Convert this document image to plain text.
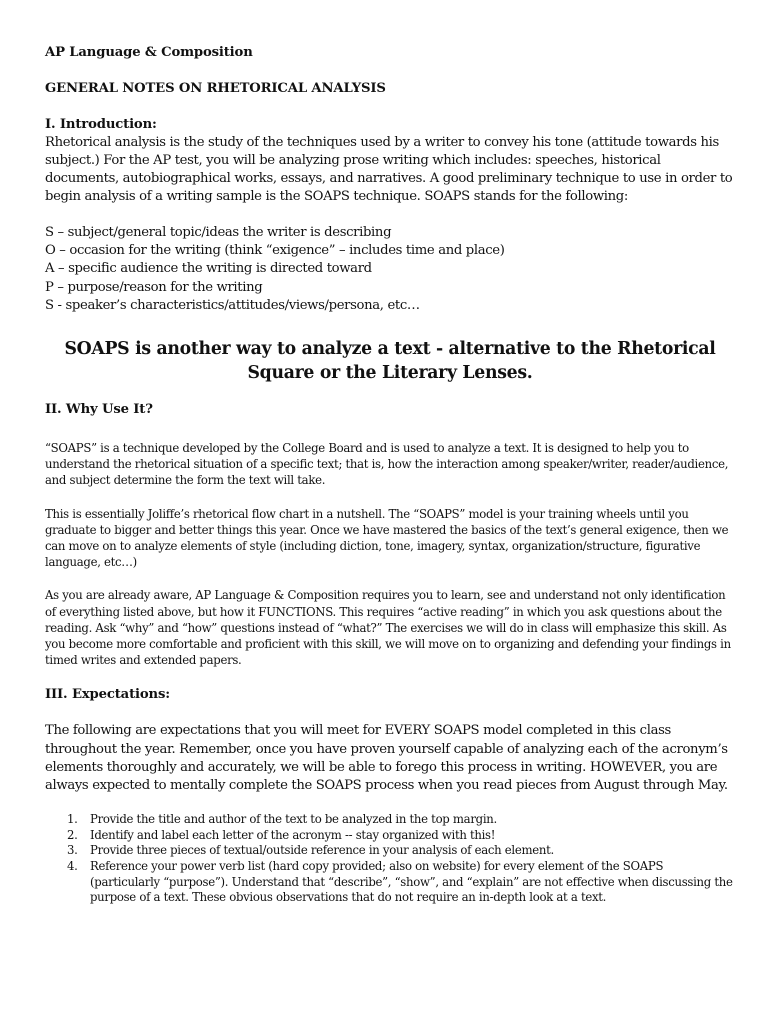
AP Language & Composition

GENERAL NOTES ON RHETORICAL ANALYSIS

I. Introduction:

Rhetorical analysis is the study of the techniques used by a writer to convey his tone (attitude towards his subject.) For the AP test, you will be analyzing prose writing which includes: speeches, historical documents, autobiographical works, essays, and narratives. A good preliminary technique to use in order to begin analysis of a writing sample is the SOAPS technique. SOAPS stands for the following:

S – subject/general topic/ideas the writer is describing
O – occasion for the writing (think “exigence” – includes time and place)
A – specific audience the writing is directed toward
P – purpose/reason for the writing
S - speaker’s characteristics/attitudes/views/persona, etc…

SOAPS is another way to analyze a text - alternative to the Rhetorical Square or the Literary Lenses.

II. Why Use It?

“SOAPS” is a technique developed by the College Board and is used to analyze a text. It is designed to help you to understand the rhetorical situation of a specific text; that is, how the interaction among speaker/writer, reader/audience, and subject determine the form the text will take.

This is essentially Joliffe’s rhetorical flow chart in a nutshell. The “SOAPS” model is your training wheels until you graduate to bigger and better things this year. Once we have mastered the basics of the text’s general exigence, then we can move on to analyze elements of style (including diction, tone, imagery, syntax, organization/structure, figurative language, etc…)

As you are already aware, AP Language & Composition requires you to learn, see and understand not only identification of everything listed above, but how it FUNCTIONS. This requires “active reading” in which you ask questions about the reading. Ask “why” and “how” questions instead of “what?” The exercises we will do in class will emphasize this skill. As you become more comfortable and proficient with this skill, we will move on to organizing and defending your findings in timed writes and extended papers.

III. Expectations:

The following are expectations that you will meet for EVERY SOAPS model completed in this class throughout the year. Remember, once you have proven yourself capable of analyzing each of the acronym’s elements thoroughly and accurately, we will be able to forego this process in writing. HOWEVER, you are always expected to mentally complete the SOAPS process when you read pieces from August through May.

1. Provide the title and author of the text to be analyzed in the top margin.
2. Identify and label each letter of the acronym -- stay organized with this!
3. Provide three pieces of textual/outside reference in your analysis of each element.
4. Reference your power verb list (hard copy provided; also on website) for every element of the SOAPS (particularly “purpose”). Understand that “describe”, “show”, and “explain” are not effective when discussing the purpose of a text. These obvious observations that do not require an in-depth look at a text.
